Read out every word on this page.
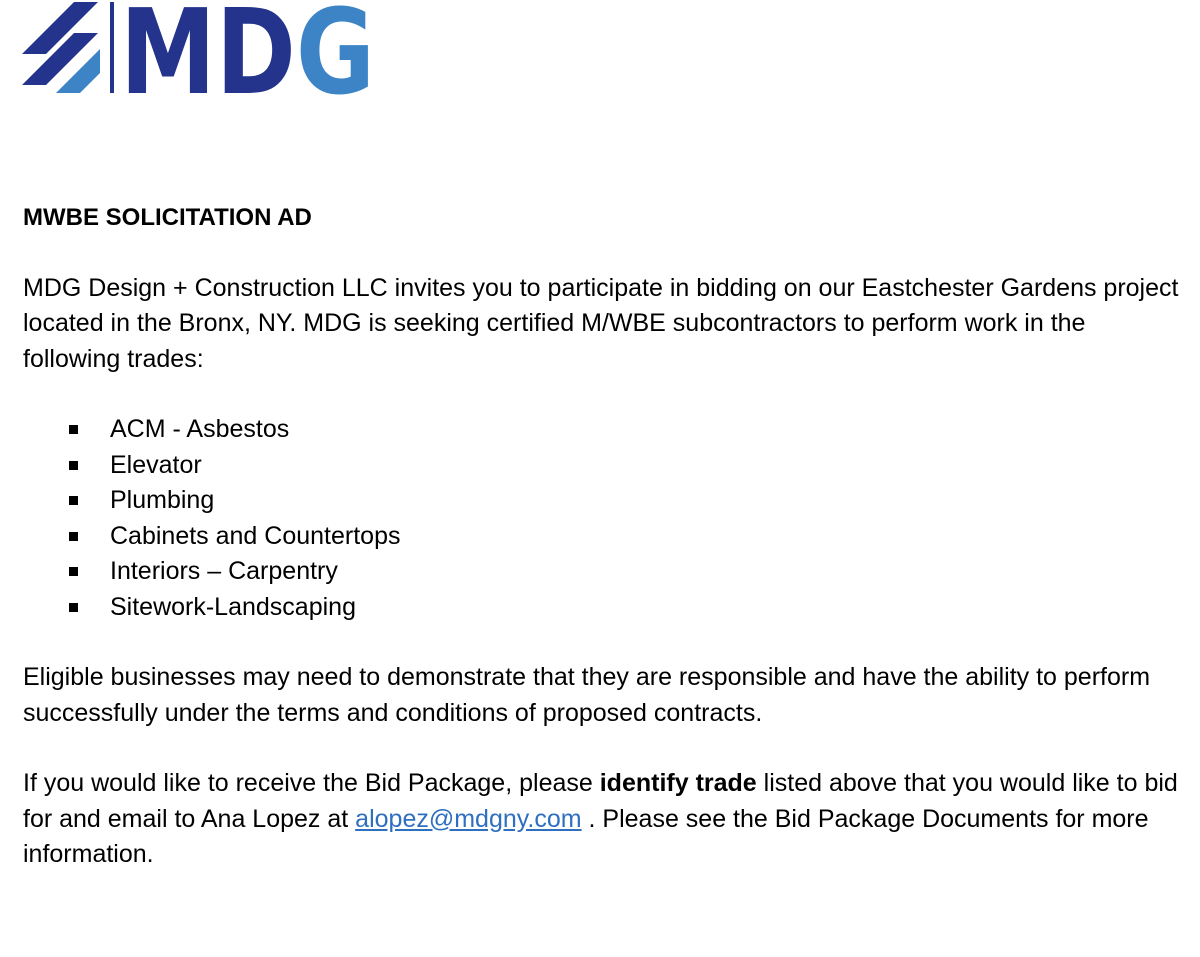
MDG
MWBE SOLICITATION AD

MDG Design + Construction LLC invites you to participate in bidding on our Eastchester Gardens project located in the Bronx, NY. MDG is seeking certified M/WBE subcontractors to perform work in the following trades:

ACM - Asbestos
Elevator
Plumbing
Cabinets and Countertops
Interiors – Carpentry
Sitework-Landscaping

Eligible businesses may need to demonstrate that they are responsible and have the ability to perform successfully under the terms and conditions of proposed contracts.

If you would like to receive the Bid Package, please identify trade listed above that you would like to bid for and email to Ana Lopez at alopez@mdgny.com . Please see the Bid Package Documents for more information.
